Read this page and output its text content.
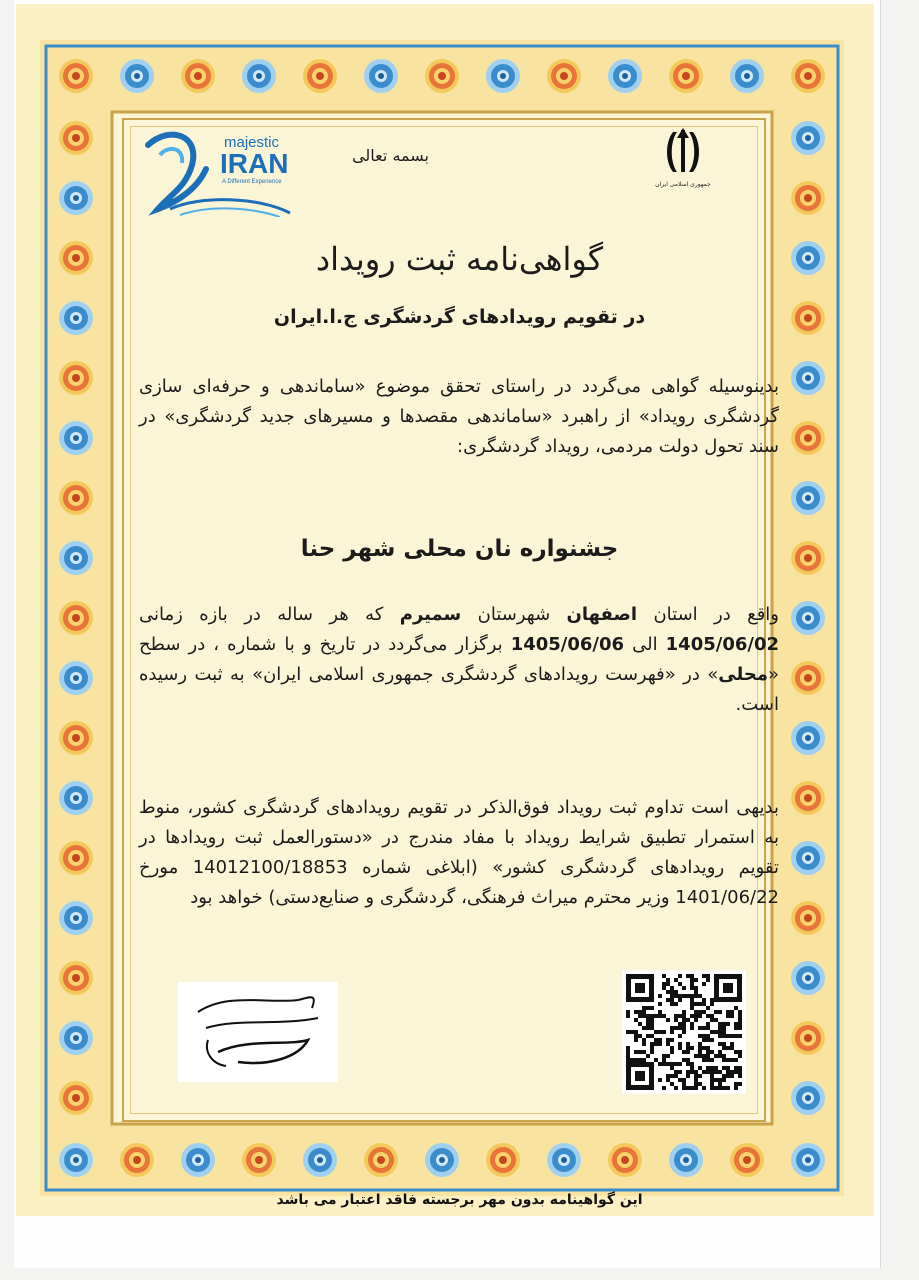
majestic
IRAN
A Different Experience	جمهوری اسلامی ایران
بسمه تعالی
گواهی‌نامه ثبت رویداد
در تقویم رویدادهای گردشگری ج.ا.ایران
بدینوسیله گواهی می‌گردد در راستای تحقق موضوع «ساماندهی و حرفه‌ای سازی گردشگری رویداد» از راهبرد «ساماندهی مقصدها و مسیرهای جدید گردشگری» در سند تحول دولت مردمی، رویداد گردشگری:
جشنواره نان محلی شهر حنا
واقع در استان اصفهان شهرستان سمیرم که هر ساله در بازه زمانی 1405/06/02 الی 1405/06/06 برگزار می‌گردد در تاریخ و با شماره ، در سطح «محلی» در «فهرست رویدادهای گردشگری جمهوری اسلامی ایران» به ثبت رسیده است.
بدیهی است تداوم ثبت رویداد فوق‌الذکر در تقویم رویدادهای گردشگری کشور، منوط به استمرار تطبیق شرایط رویداد با مفاد مندرج در «دستورالعمل ثبت رویدادها در تقویم رویدادهای گردشگری کشور» (ابلاغی شماره 14012100/18853 مورخ 1401/06/22 وزیر محترم میراث فرهنگی، گردشگری و صنایع‌دستی) خواهد بود
این گواهینامه بدون مهر برجسته فاقد اعتبار می باشد
